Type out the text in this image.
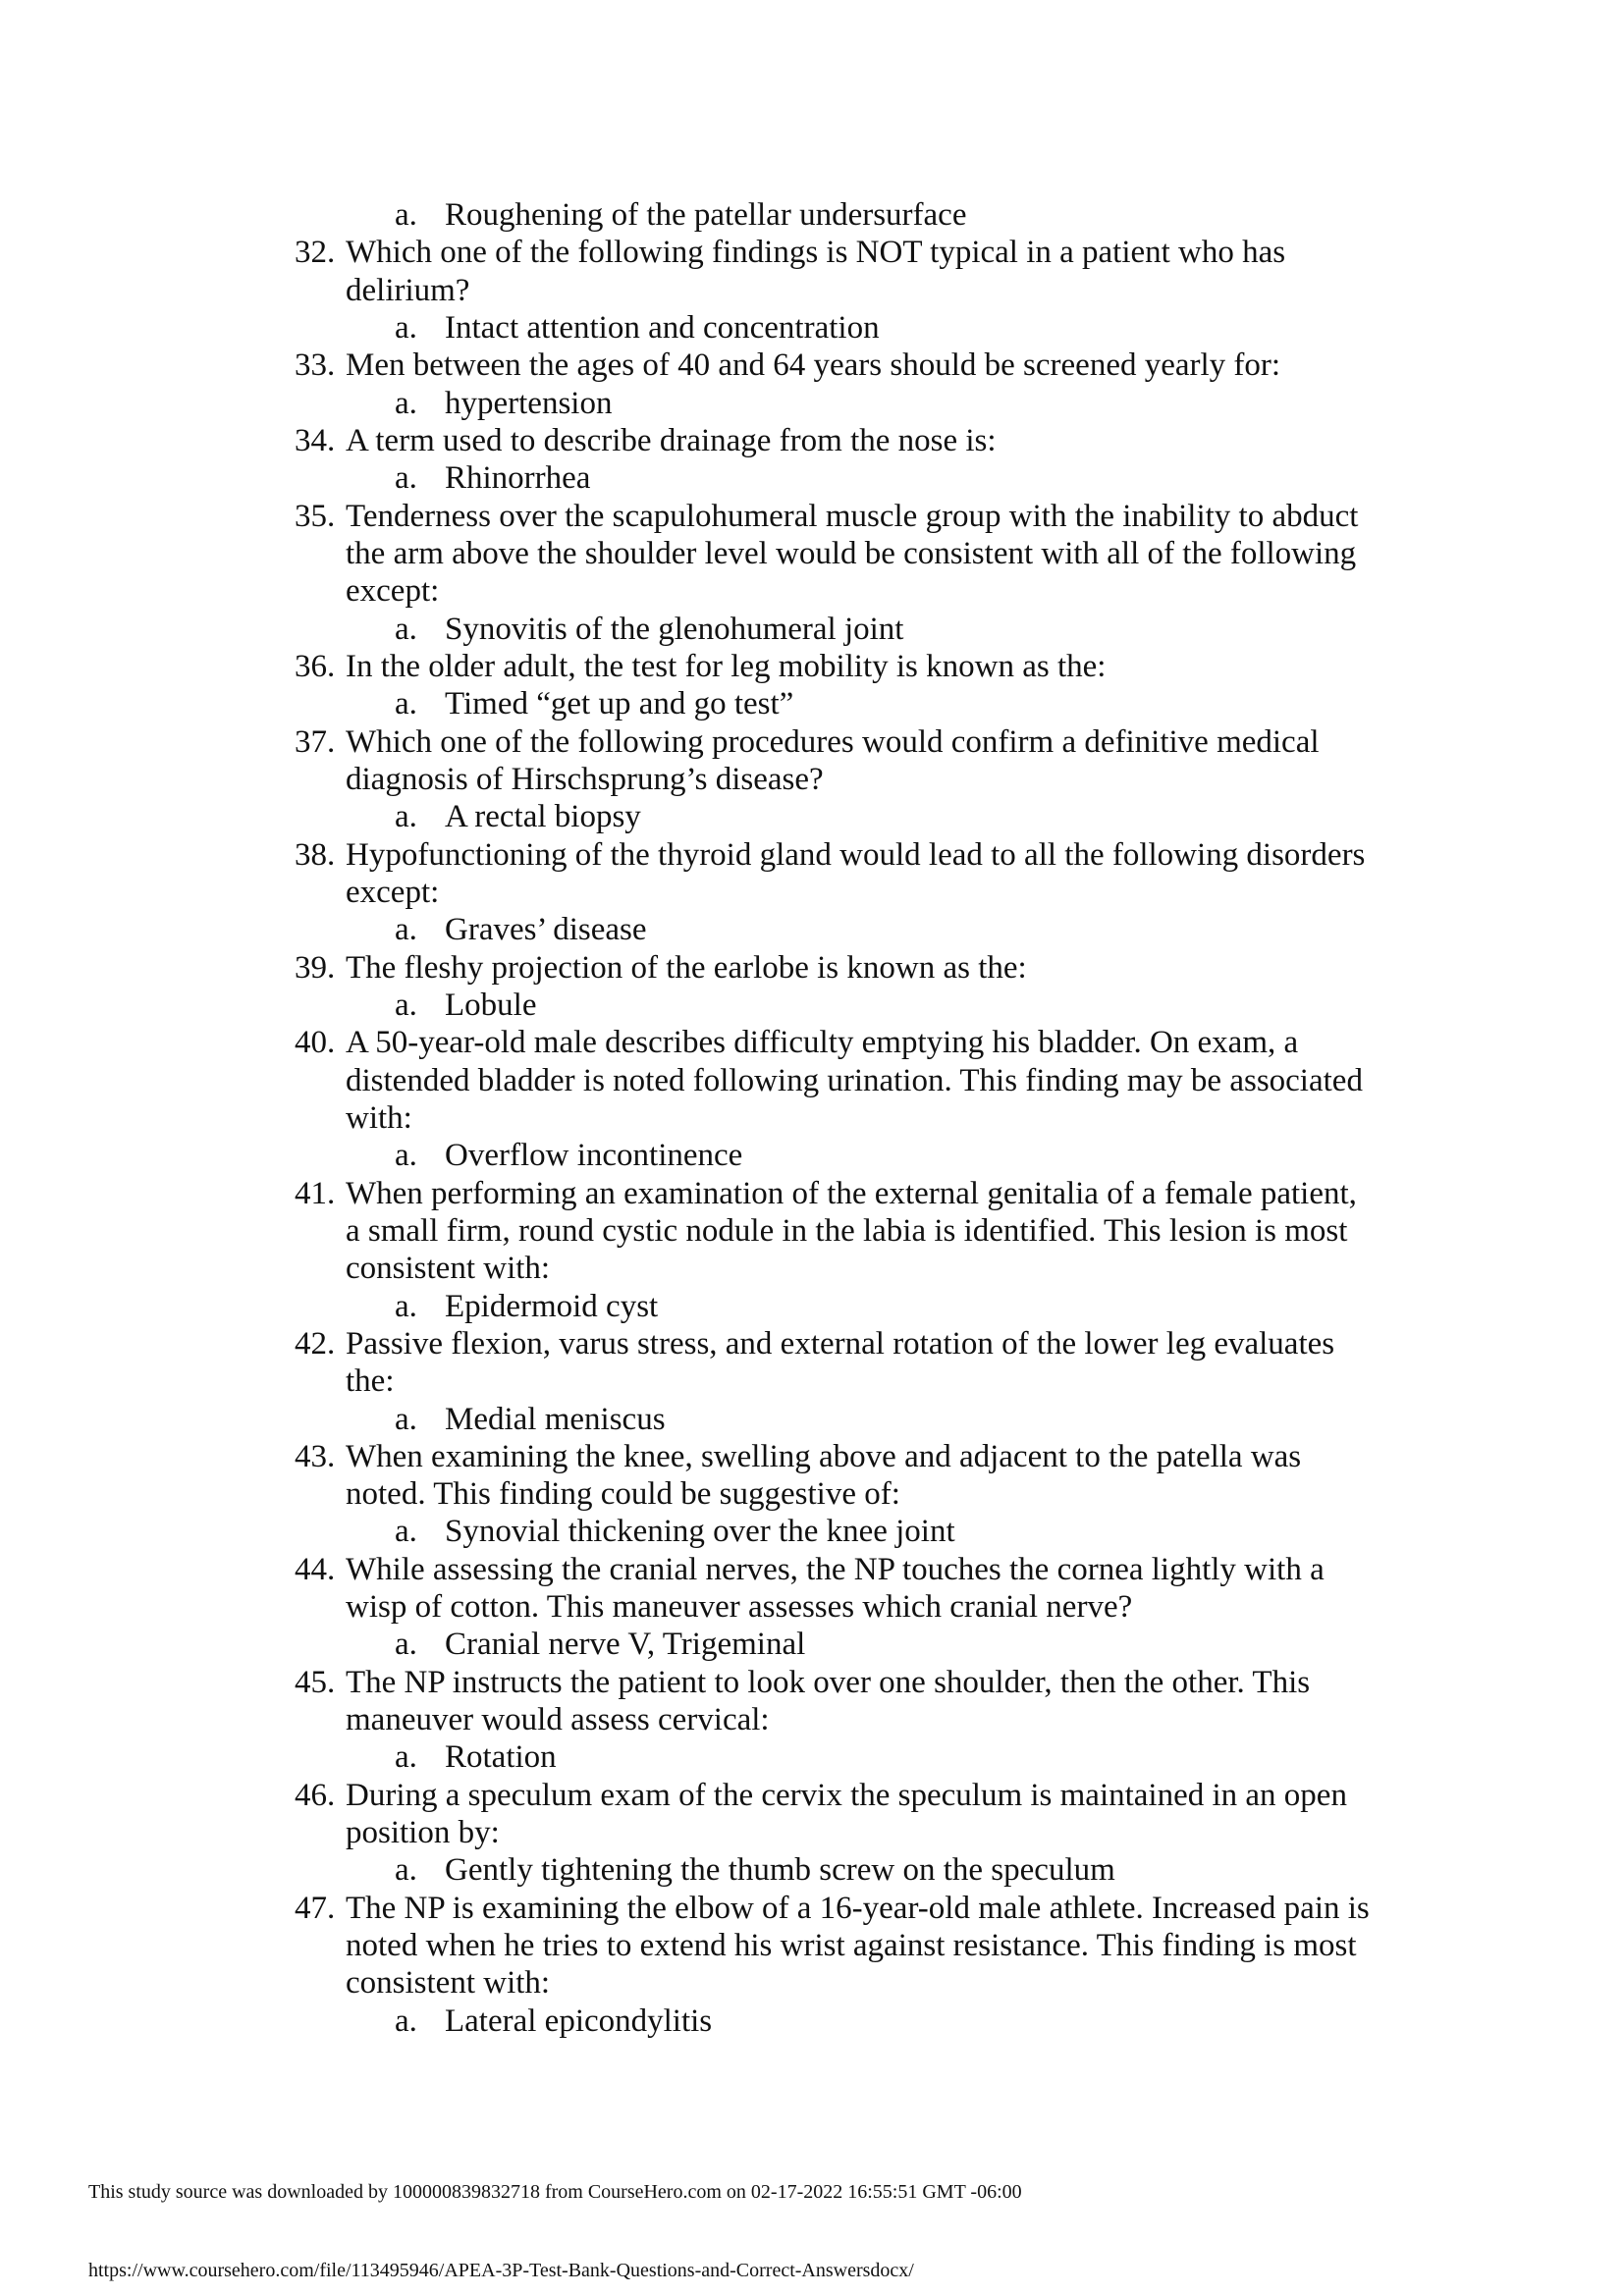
a. Roughening of the patellar undersurface
32. Which one of the following findings is NOT typical in a patient who has
delirium?
a. Intact attention and concentration
33. Men between the ages of 40 and 64 years should be screened yearly for:
a. hypertension
34. A term used to describe drainage from the nose is:
a. Rhinorrhea
35. Tenderness over the scapulohumeral muscle group with the inability to abduct
the arm above the shoulder level would be consistent with all of the following
except:
a. Synovitis of the glenohumeral joint
36. In the older adult, the test for leg mobility is known as the:
a. Timed “get up and go test”
37. Which one of the following procedures would confirm a definitive medical
diagnosis of Hirschsprung’s disease?
a. A rectal biopsy
38. Hypofunctioning of the thyroid gland would lead to all the following disorders
except:
a. Graves’ disease
39. The fleshy projection of the earlobe is known as the:
a. Lobule
40. A 50-year-old male describes difficulty emptying his bladder. On exam, a
distended bladder is noted following urination. This finding may be associated
with:
a. Overflow incontinence
41. When performing an examination of the external genitalia of a female patient,
a small firm, round cystic nodule in the labia is identified. This lesion is most
consistent with:
a. Epidermoid cyst
42. Passive flexion, varus stress, and external rotation of the lower leg evaluates
the:
a. Medial meniscus
43. When examining the knee, swelling above and adjacent to the patella was
noted. This finding could be suggestive of:
a. Synovial thickening over the knee joint
44. While assessing the cranial nerves, the NP touches the cornea lightly with a
wisp of cotton. This maneuver assesses which cranial nerve?
a. Cranial nerve V, Trigeminal
45. The NP instructs the patient to look over one shoulder, then the other. This
maneuver would assess cervical:
a. Rotation
46. During a speculum exam of the cervix the speculum is maintained in an open
position by:
a. Gently tightening the thumb screw on the speculum
47. The NP is examining the elbow of a 16-year-old male athlete. Increased pain is
noted when he tries to extend his wrist against resistance. This finding is most
consistent with:
a. Lateral epicondylitis
This study source was downloaded by 100000839832718 from CourseHero.com on 02-17-2022 16:55:51 GMT -06:00
https://www.coursehero.com/file/113495946/APEA-3P-Test-Bank-Questions-and-Correct-Answersdocx/
